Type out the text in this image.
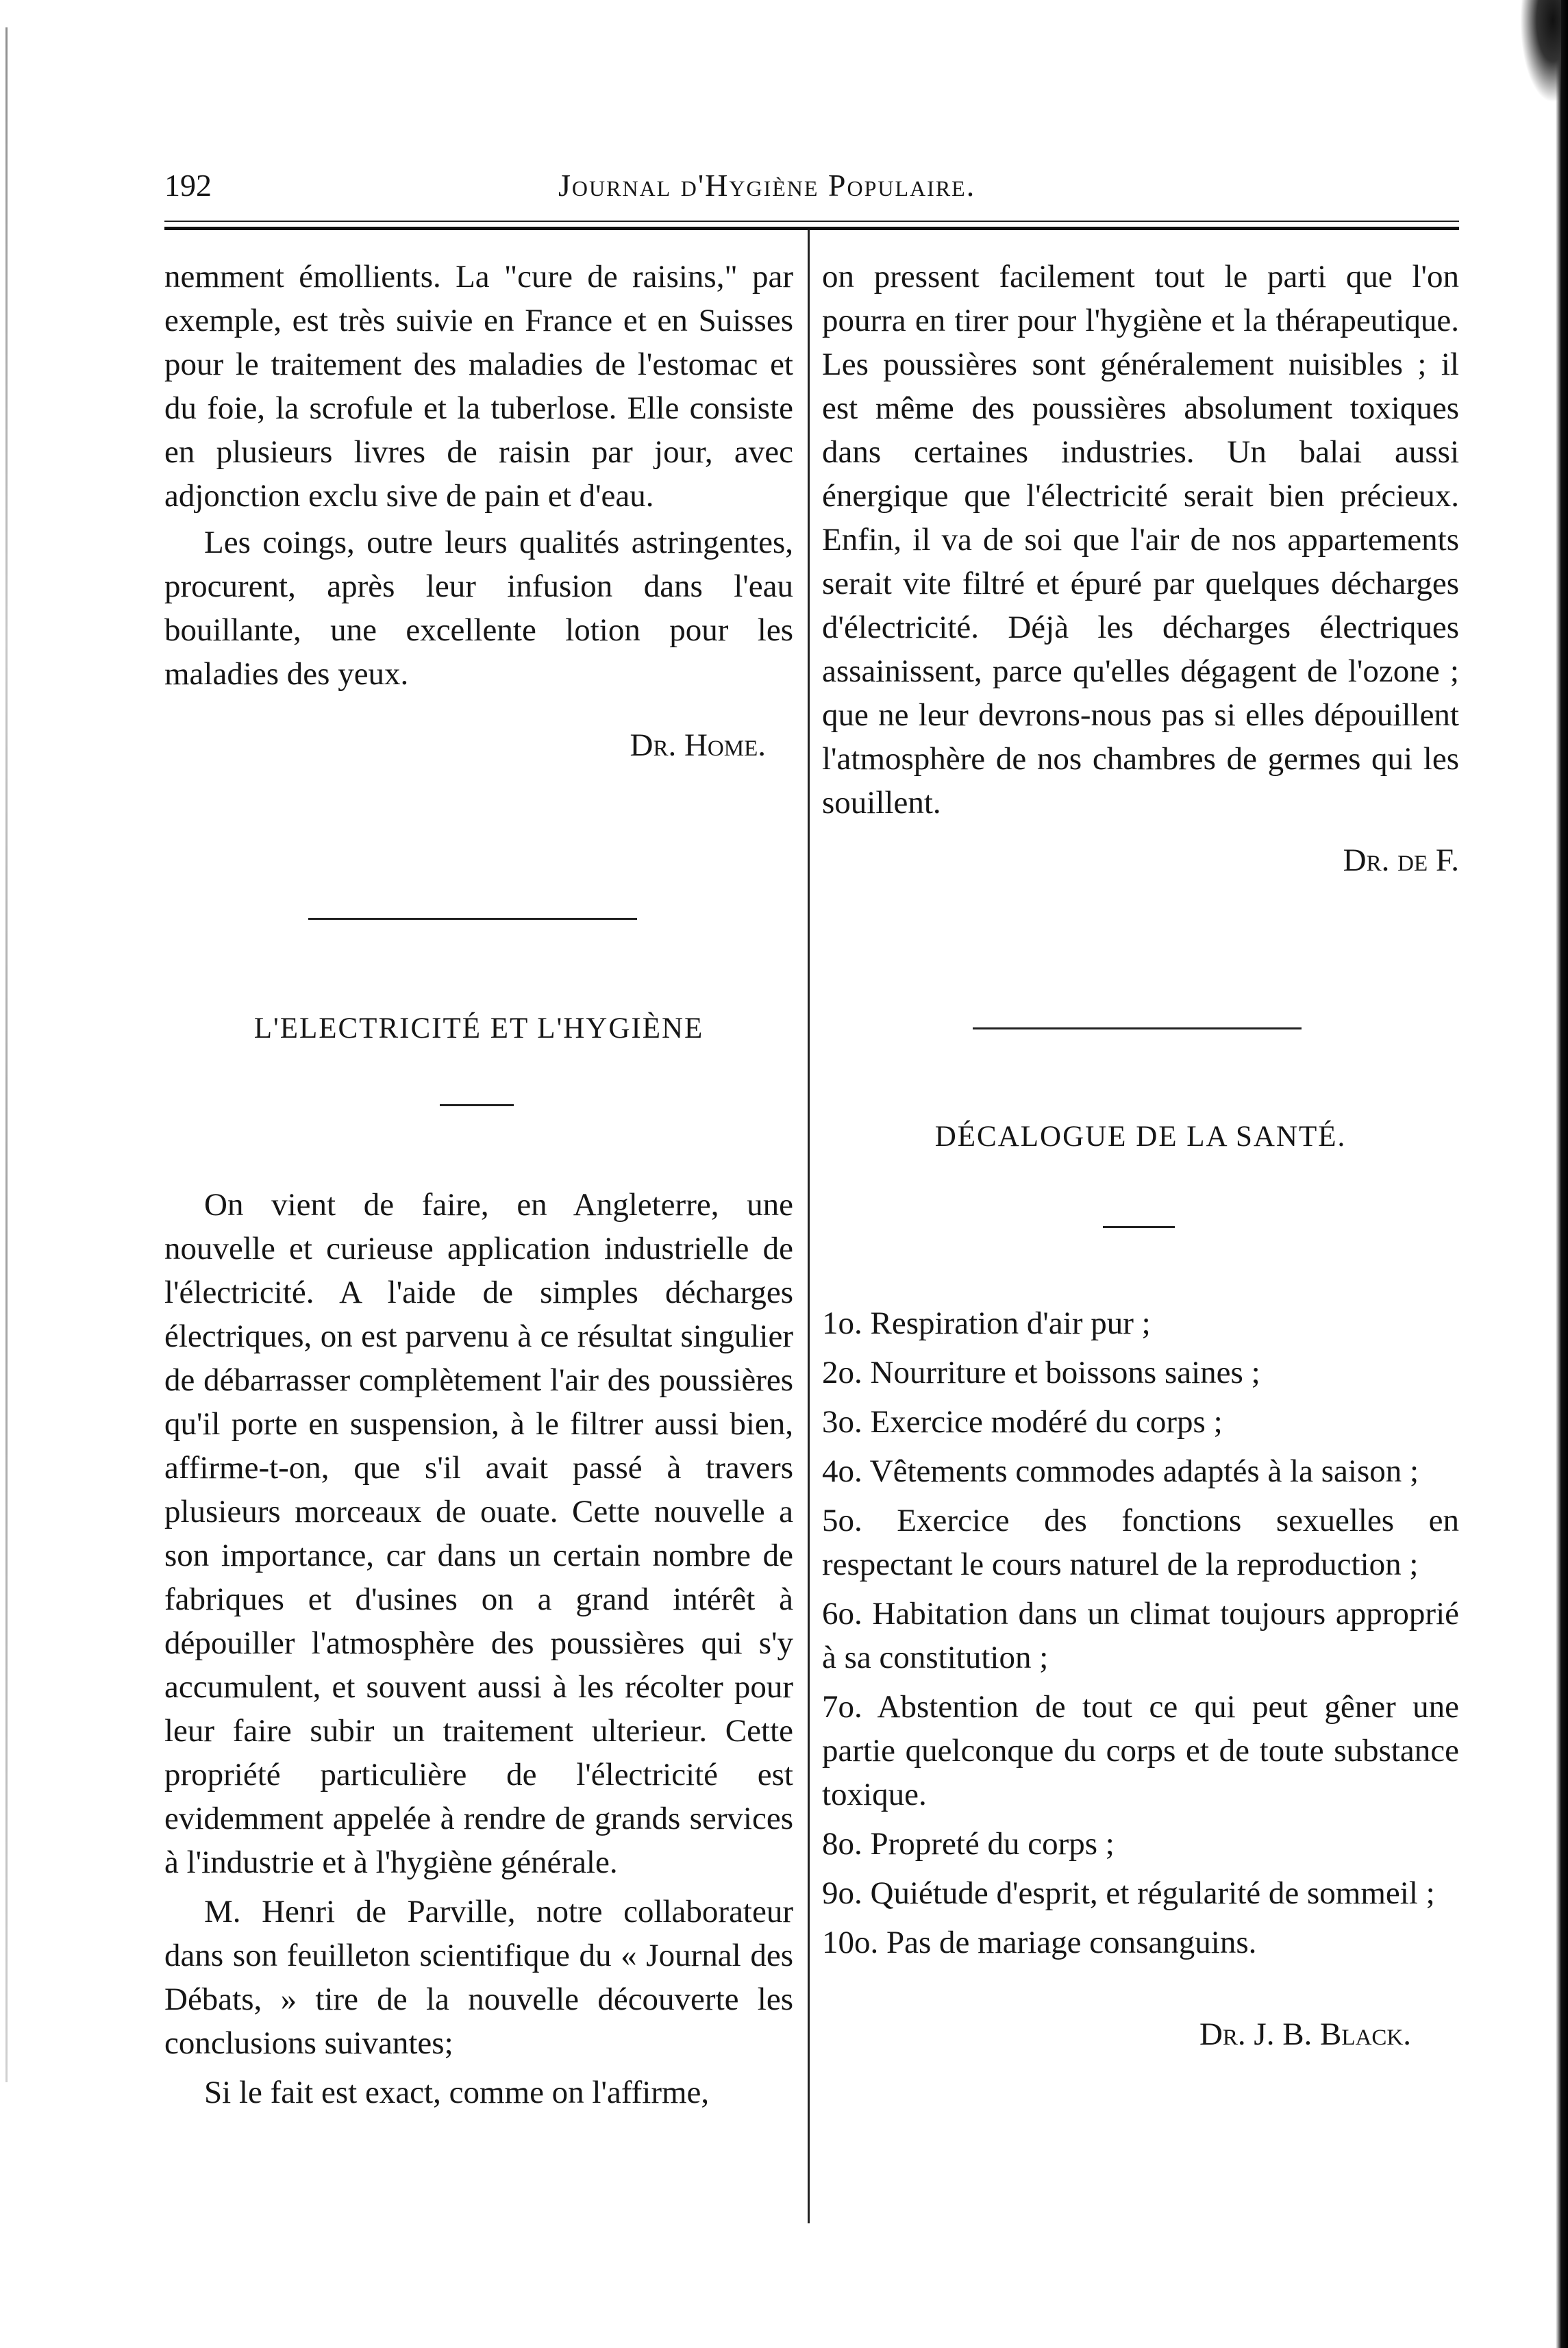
192	Journal d'Hygiène Populaire.

nemment émollients. La "cure de raisins," par exemple, est très suivie en France et en Suisses pour le traitement des maladies de l'estomac et du foie, la scrofule et la tuberlose. Elle consiste en plusieurs livres de raisin par jour, avec adjonction exclu sive de pain et d'eau.

Les coings, outre leurs qualités astringentes, procurent, après leur infusion dans l'eau bouillante, une excellente lotion pour les maladies des yeux.

Dr. Home.

L'ELECTRICITÉ ET L'HYGIÈNE

On vient de faire, en Angleterre, une nouvelle et curieuse application industrielle de l'électricité. A l'aide de simples décharges électriques, on est parvenu à ce résultat singulier de débarrasser complètement l'air des poussières qu'il porte en suspension, à le filtrer aussi bien, affirme-t-on, que s'il avait passé à travers plusieurs morceaux de ouate. Cette nouvelle a son importance, car dans un certain nombre de fabriques et d'usines on a grand intérêt à dépouiller l'atmosphère des poussières qui s'y accumulent, et souvent aussi à les récolter pour leur faire subir un traitement ulterieur. Cette propriété particulière de l'électricité est evidemment appelée à rendre de grands services à l'industrie et à l'hygiène générale.

M. Henri de Parville, notre collaborateur dans son feuilleton scientifique du « Journal des Débats, » tire de la nouvelle découverte les conclusions suivantes;

Si le fait est exact, comme on l'affirme,

on pressent facilement tout le parti que l'on pourra en tirer pour l'hygiène et la thérapeutique. Les poussières sont généralement nuisibles ; il est même des poussières absolument toxiques dans certaines industries. Un balai aussi énergique que l'électricité serait bien précieux. Enfin, il va de soi que l'air de nos appartements serait vite filtré et épuré par quelques décharges d'électricité. Déjà les décharges électriques assainissent, parce qu'elles dégagent de l'ozone ; que ne leur devrons-nous pas si elles dépouillent l'atmosphère de nos chambres de germes qui les souillent.

Dr. de F.

DÉCALOGUE DE LA SANTÉ.

1o. Respiration d'air pur ;

2o. Nourriture et boissons saines ;

3o. Exercice modéré du corps ;

4o. Vêtements commodes adaptés à la saison ;

5o. Exercice des fonctions sexuelles en respectant le cours naturel de la reproduction ;

6o. Habitation dans un climat toujours approprié à sa constitution ;

7o. Abstention de tout ce qui peut gêner une partie quelconque du corps et de toute substance toxique.

8o. Propreté du corps ;

9o. Quiétude d'esprit, et régularité de sommeil ;

10o. Pas de mariage consanguins.

Dr. J. B. Black.
